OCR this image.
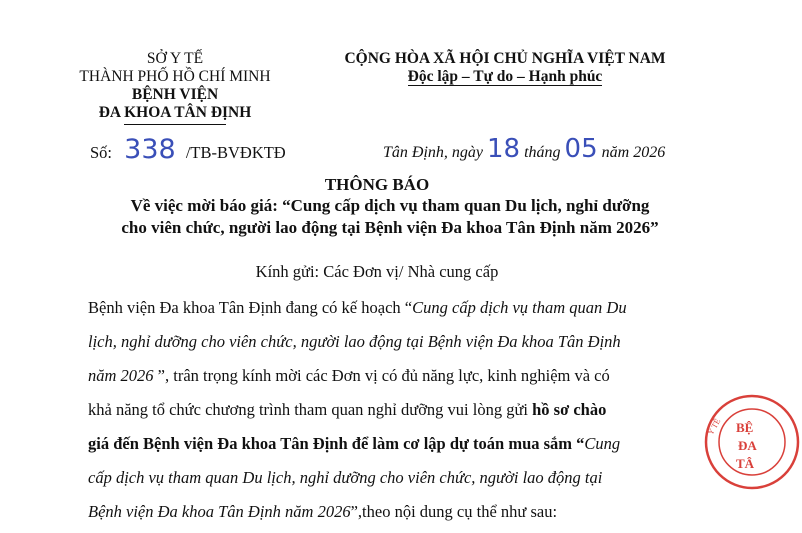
SỞ Y TẾ
THÀNH PHỐ HỒ CHÍ MINH
BỆNH VIỆN
ĐA KHOA TÂN ĐỊNH
CỘNG HÒA XÃ HỘI CHỦ NGHĨA VIỆT NAM
Độc lập – Tự do – Hạnh phúc
Số: 338 /TB-BVĐKTĐ	Tân Định, ngày 18 tháng 05 năm 2026
THÔNG BÁO
Về việc mời báo giá: “Cung cấp dịch vụ tham quan Du lịch, nghỉ dưỡng
cho viên chức, người lao động tại Bệnh viện Đa khoa Tân Định năm 2026”
Kính gửi: Các Đơn vị/ Nhà cung cấp
Bệnh viện Đa khoa Tân Định đang có kế hoạch “Cung cấp dịch vụ tham quan Du
lịch, nghỉ dưỡng cho viên chức, người lao động tại Bệnh viện Đa khoa Tân Định
năm 2026 ”, trân trọng kính mời các Đơn vị có đủ năng lực, kinh nghiệm và có
khả năng tổ chức chương trình tham quan nghỉ dưỡng vui lòng gửi hồ sơ chào
giá đến Bệnh viện Đa khoa Tân Định để làm cơ lập dự toán mua sắm “Cung
cấp dịch vụ tham quan Du lịch, nghỉ dưỡng cho viên chức, người lao động tại
Bệnh viện Đa khoa Tân Định năm 2026”,theo nội dung cụ thể như sau:
BỆ
ĐA
TÂ
Y TẾ
